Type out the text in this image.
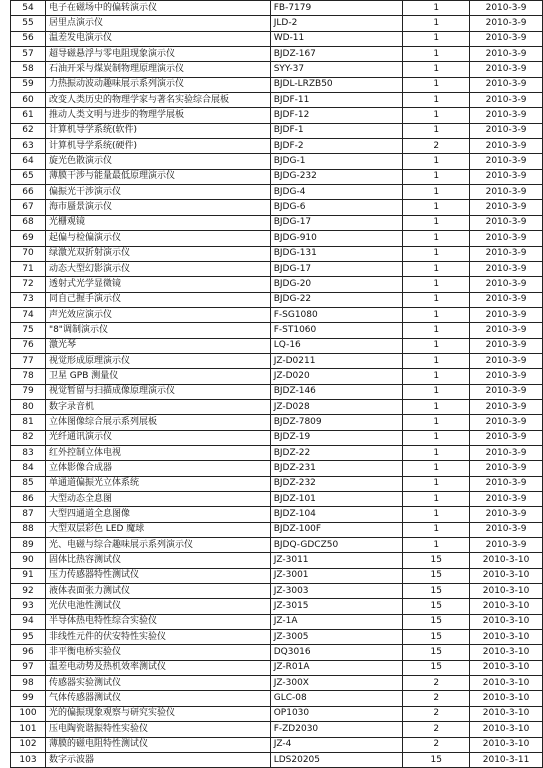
54	电子在磁场中的偏转演示仪	FB-7179	1	2010-3-9
55	居里点演示仪	JLD-2	1	2010-3-9
56	温差发电演示仪	WD-11	1	2010-3-9
57	超导磁悬浮与零电阻现象演示仪	BJDZ-167	1	2010-3-9
58	石油开采与煤炭制物理原理演示仪	SYY-37	1	2010-3-9
59	力热振动波动趣味展示系列演示仪	BJDL-LRZB50	1	2010-3-9
60	改变人类历史的物理学家与著名实验综合展板	BJDF-11	1	2010-3-9
61	推动人类文明与进步的物理学展板	BJDF-12	1	2010-3-9
62	计算机导学系统(软件)	BJDF-1	1	2010-3-9
63	计算机导学系统(硬件)	BJDF-2	2	2010-3-9
64	旋光色散演示仪	BJDG-1	1	2010-3-9
65	薄膜干涉与能量最低原理演示仪	BJDG-232	1	2010-3-9
66	偏振光干涉演示仪	BJDG-4	1	2010-3-9
67	海市蜃景演示仪	BJDG-6	1	2010-3-9
68	光栅观镜	BJDG-17	1	2010-3-9
69	起偏与检偏演示仪	BJDG-910	1	2010-3-9
70	绿激光双折射演示仪	BJDG-131	1	2010-3-9
71	动态大型幻影演示仪	BJDG-17	1	2010-3-9
72	透射式光学显微镜	BJDG-20	1	2010-3-9
73	同自己握手演示仪	BJDG-22	1	2010-3-9
74	声光效应演示仪	F-SG1080	1	2010-3-9
75	"8"调制演示仪	F-ST1060	1	2010-3-9
76	激光琴	LQ-16	1	2010-3-9
77	视觉形成原理演示仪	JZ-D0211	1	2010-3-9
78	卫星 GPB 测量仪	JZ-D020	1	2010-3-9
79	视觉暂留与扫描成像原理演示仪	BJDZ-146	1	2010-3-9
80	数字录音机	JZ-D028	1	2010-3-9
81	立体图像综合展示系列展板	BJDZ-7809	1	2010-3-9
82	光纤通讯演示仪	BJDZ-19	1	2010-3-9
83	红外控制立体电视	BJDZ-22	1	2010-3-9
84	立体影像合成器	BJDZ-231	1	2010-3-9
85	单通道偏振光立体系统	BJDZ-232	1	2010-3-9
86	大型动态全息图	BJDZ-101	1	2010-3-9
87	大型四通道全息图像	BJDZ-104	1	2010-3-9
88	大型双层彩色 LED 魔球	BJDZ-100F	1	2010-3-9
89	光、电磁与综合趣味展示系列演示仪	BJDQ-GDCZ50	1	2010-3-9
90	固体比热容测试仪	JZ-3011	15	2010-3-10
91	压力传感器特性测试仪	JZ-3001	15	2010-3-10
92	液体表面张力测试仪	JZ-3003	15	2010-3-10
93	光伏电池性测试仪	JZ-3015	15	2010-3-10
94	半导体热电特性综合实验仪	JZ-1A	15	2010-3-10
95	非线性元件的伏安特性实验仪	JZ-3005	15	2010-3-10
96	非平衡电桥实验仪	DQ3016	15	2010-3-10
97	温差电动势及热机效率测试仪	JZ-R01A	15	2010-3-10
98	传感器实验测试仪	JZ-300X	2	2010-3-10
99	气体传感器测试仪	GLC-08	2	2010-3-10
100	光的偏振现象观察与研究实验仪	OP1030	2	2010-3-10
101	压电陶瓷谐振特性实验仪	F-ZD2030	2	2010-3-10
102	薄膜的磁电阻特性测试仪	JZ-4	2	2010-3-10
103	数字示波器	LDS20205	15	2010-3-11
